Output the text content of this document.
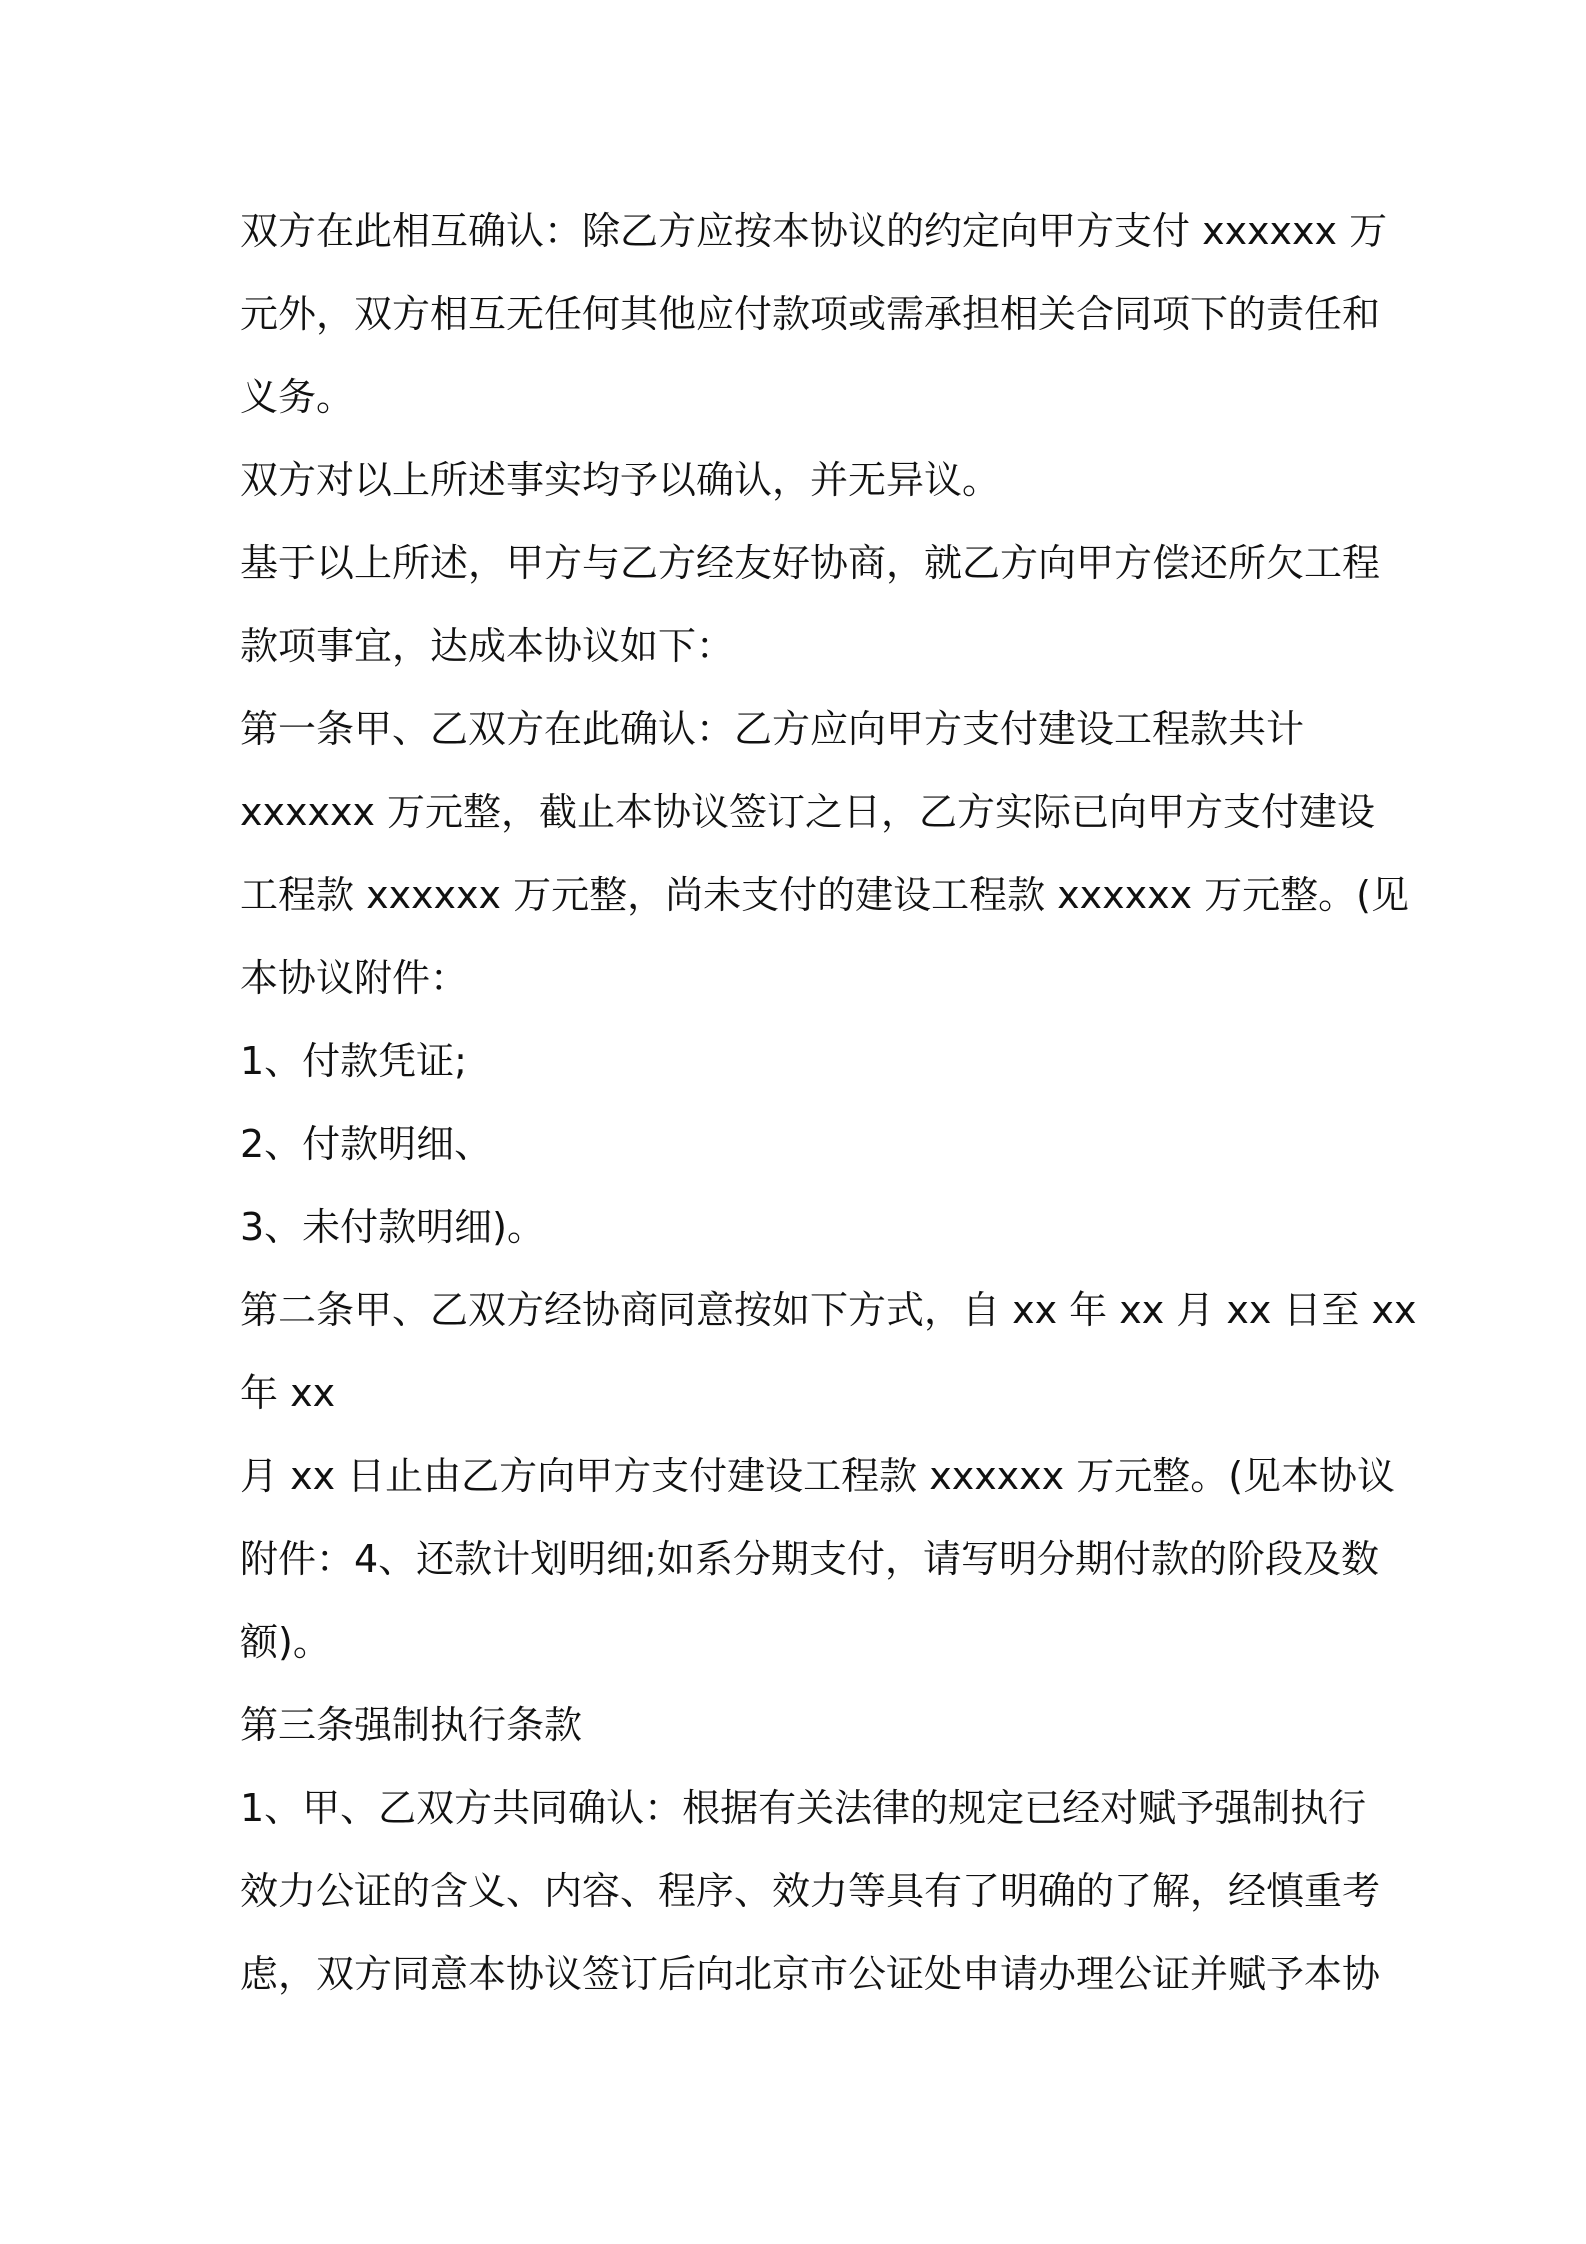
双方在此相互确认：除乙方应按本协议的约定向甲方支付 xxxxxx 万
元外，双方相互无任何其他应付款项或需承担相关合同项下的责任和
义务。
双方对以上所述事实均予以确认，并无异议。
基于以上所述，甲方与乙方经友好协商，就乙方向甲方偿还所欠工程
款项事宜，达成本协议如下：
第一条甲、乙双方在此确认：乙方应向甲方支付建设工程款共计
xxxxxx 万元整，截止本协议签订之日，乙方实际已向甲方支付建设
工程款 xxxxxx 万元整，尚未支付的建设工程款 xxxxxx 万元整。(见
本协议附件：
1、付款凭证;
2、付款明细、
3、未付款明细)。
第二条甲、乙双方经协商同意按如下方式，自 xx 年 xx 月 xx 日至 xx
年 xx
月 xx 日止由乙方向甲方支付建设工程款 xxxxxx 万元整。(见本协议
附件：4、还款计划明细;如系分期支付，请写明分期付款的阶段及数
额)。
第三条强制执行条款
1、甲、乙双方共同确认：根据有关法律的规定已经对赋予强制执行
效力公证的含义、内容、程序、效力等具有了明确的了解，经慎重考
虑，双方同意本协议签订后向北京市公证处申请办理公证并赋予本协
